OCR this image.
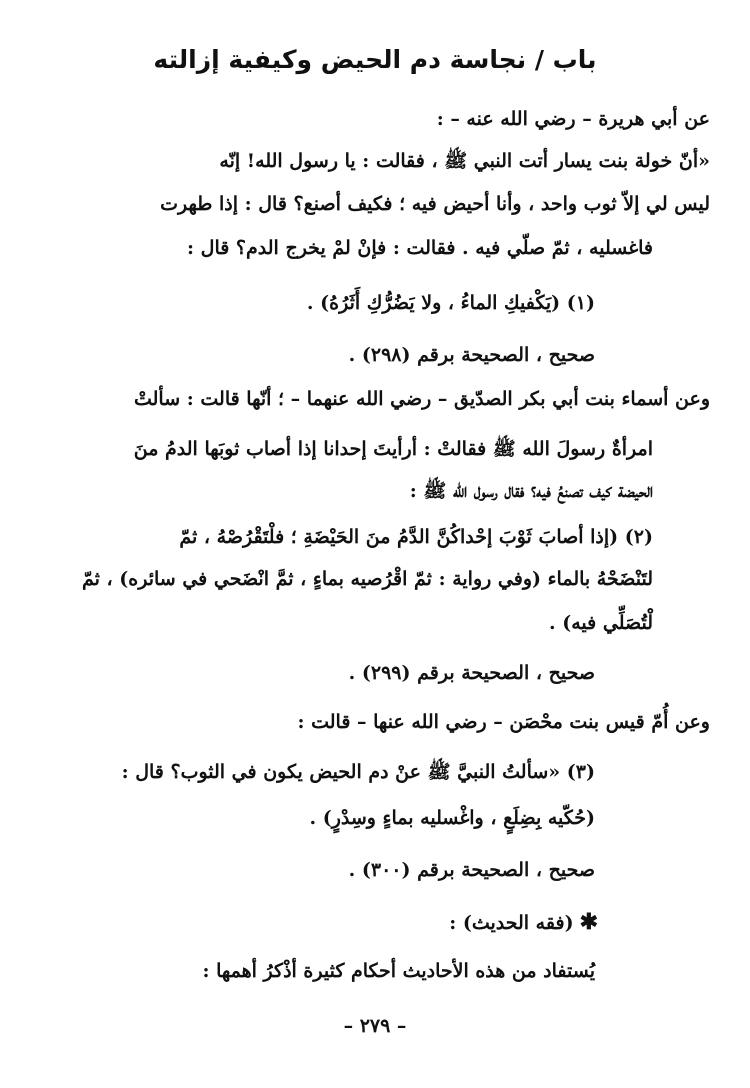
باب / نجاسة دم الحيض وكيفية إزالته
عن أبي هريرة – رضي الله عنه – :
«أنّ خولة بنت يسار أتت النبي ﷺ ، فقالت : يا رسول الله! إنّه
ليس لي إلاّ ثوب واحد ، وأنا أحيض فيه ؛ فكيف أصنع؟ قال : إذا طهرت
فاغسليه ، ثمّ صلّي فيه . فقالت : فإنْ لمْ يخرج الدم؟ قال :
(١) (يَكْفيكِ الماءُ ، ولا يَضُرُّكِ أَثَرُهُ) .
صحيح ، الصحيحة برقم (٢٩٨) .
وعن أسماء بنت أبي بكر الصدّيق – رضي الله عنهما – ؛ أنّها قالت : سألتْ
امرأةٌ رسولَ الله ﷺ فقالتْ : أرأيتَ إحدانا إذا أصاب ثوبَها الدمُ منَ
الحيضة كيف تصنعُ فيه؟ فقال رسول الله ﷺ :
(٢) (إذا أصابَ ثَوْبَ إحْداكُنَّ الدَّمُ منَ الحَيْضَةِ ؛ فلْتَقْرُصْهُ ، ثمّ
لتَنْضَحْهُ بالماء (وفي رواية : ثمّ اقْرُصيه بماءٍ ، ثمَّ انْضَحي في سائره) ، ثمّ
لْتُصَلِّي فيه) .
صحيح ، الصحيحة برقم (٢٩٩) .
وعن أُمّ قيس بنت محْصَن – رضي الله عنها – قالت :
(٣) «سألتُ النبيَّ ﷺ عنْ دم الحيض يكون في الثوب؟ قال :
(حُكّيه بِضِلَعٍ ، واغْسليه بماءٍ وسِدْرٍ) .
صحيح ، الصحيحة برقم (٣٠٠) .
✱(فقه الحديث) :
يُستفاد من هذه الأحاديث أحكام كثيرة أذْكرُ أهمها :
– ٢٧٩ –
